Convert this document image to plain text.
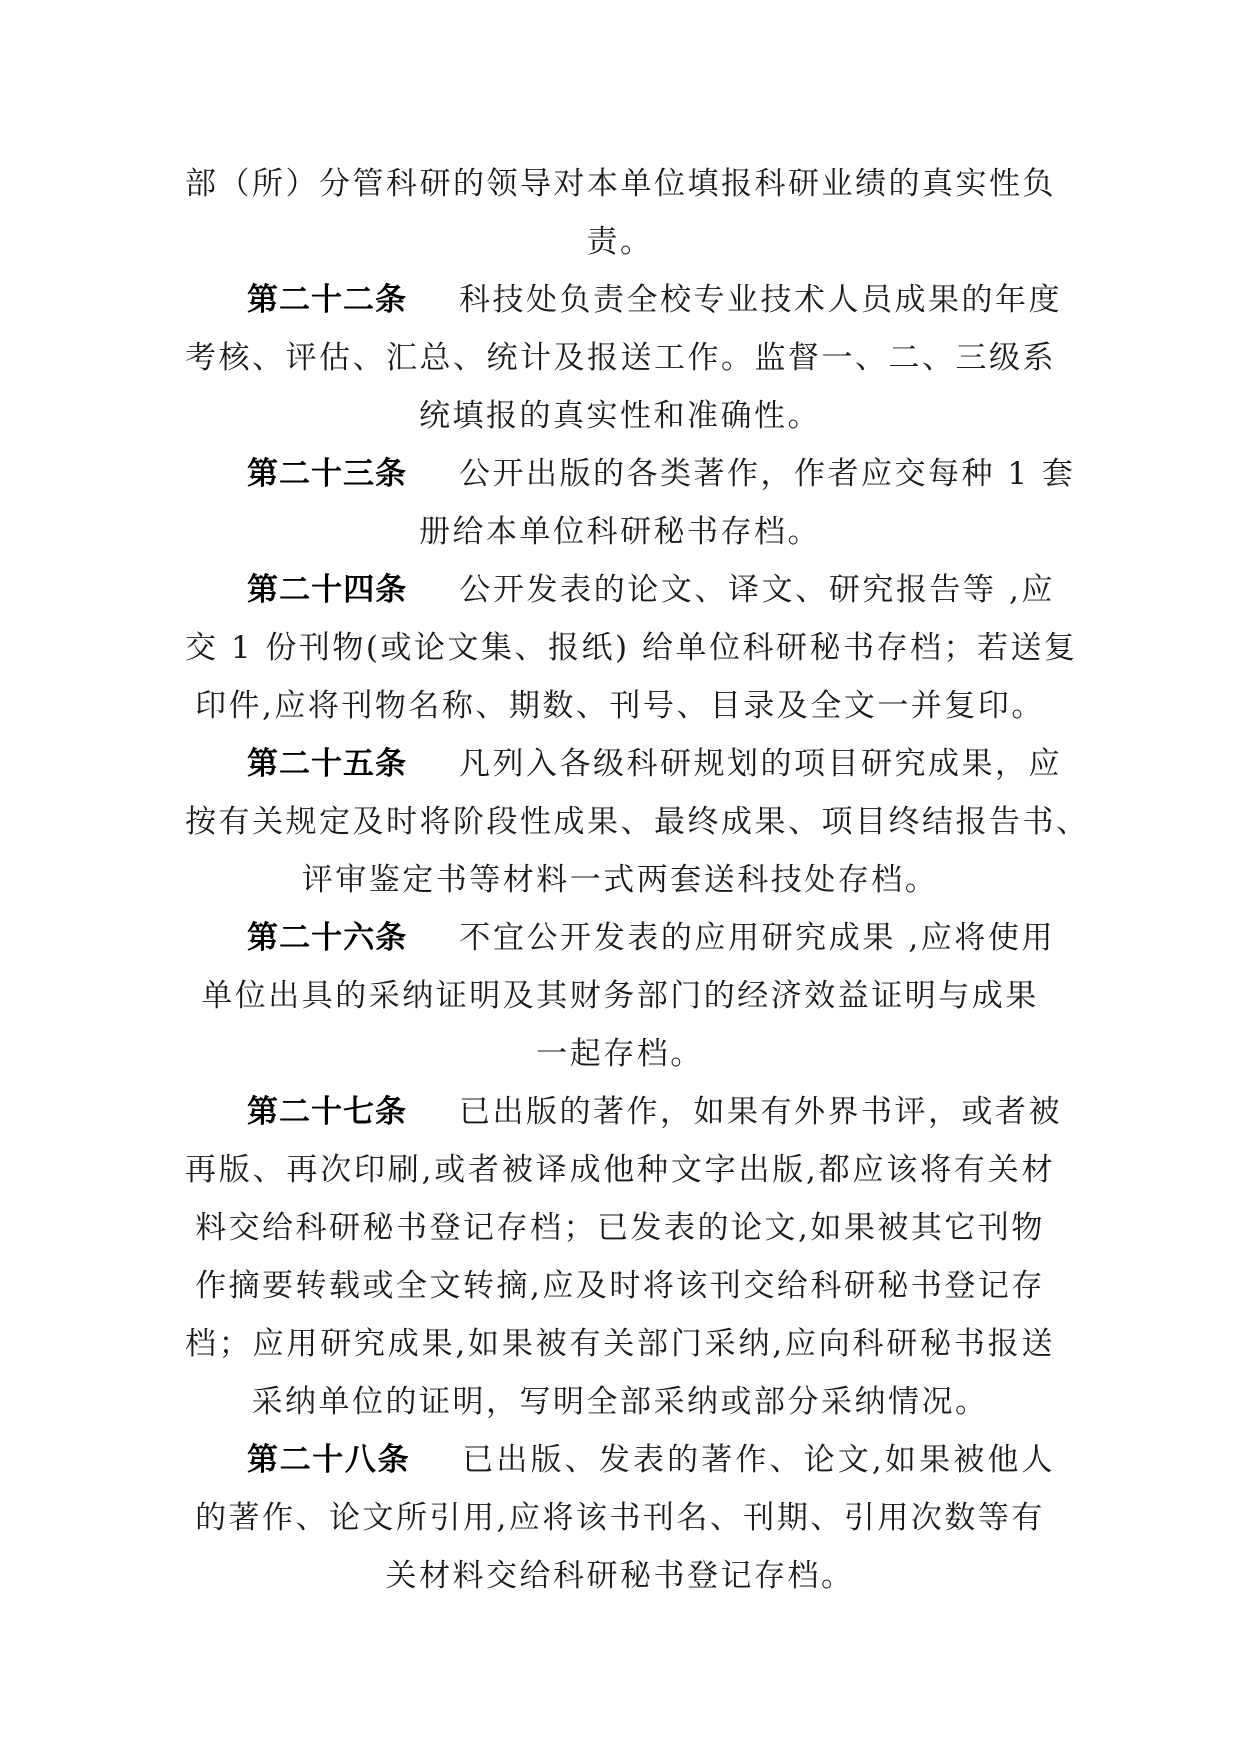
部（所）分管科研的领导对本单位填报科研业绩的真实性负
责。
第二十二条 科技处负责全校专业技术人员成果的年度
考核、评估、汇总、统计及报送工作。监督一、二、三级系
统填报的真实性和准确性。
第二十三条 公开出版的各类著作，作者应交每种 1 套
册给本单位科研秘书存档。
第二十四条 公开发表的论文、译文、研究报告等 ,应
交 1 份刊物(或论文集、报纸) 给单位科研秘书存档；若送复
印件,应将刊物名称、期数、刊号、目录及全文一并复印。
第二十五条 凡列入各级科研规划的项目研究成果，应
按有关规定及时将阶段性成果、最终成果、项目终结报告书、
评审鉴定书等材料一式两套送科技处存档。
第二十六条 不宜公开发表的应用研究成果 ,应将使用
单位出具的采纳证明及其财务部门的经济效益证明与成果
一起存档。
第二十七条 已出版的著作，如果有外界书评，或者被
再版、再次印刷,或者被译成他种文字出版,都应该将有关材
料交给科研秘书登记存档；已发表的论文,如果被其它刊物
作摘要转载或全文转摘,应及时将该刊交给科研秘书登记存
档；应用研究成果,如果被有关部门采纳,应向科研秘书报送
采纳单位的证明，写明全部采纳或部分采纳情况。
第二十八条 已出版、发表的著作、论文,如果被他人
的著作、论文所引用,应将该书刊名、刊期、引用次数等有
关材料交给科研秘书登记存档。
